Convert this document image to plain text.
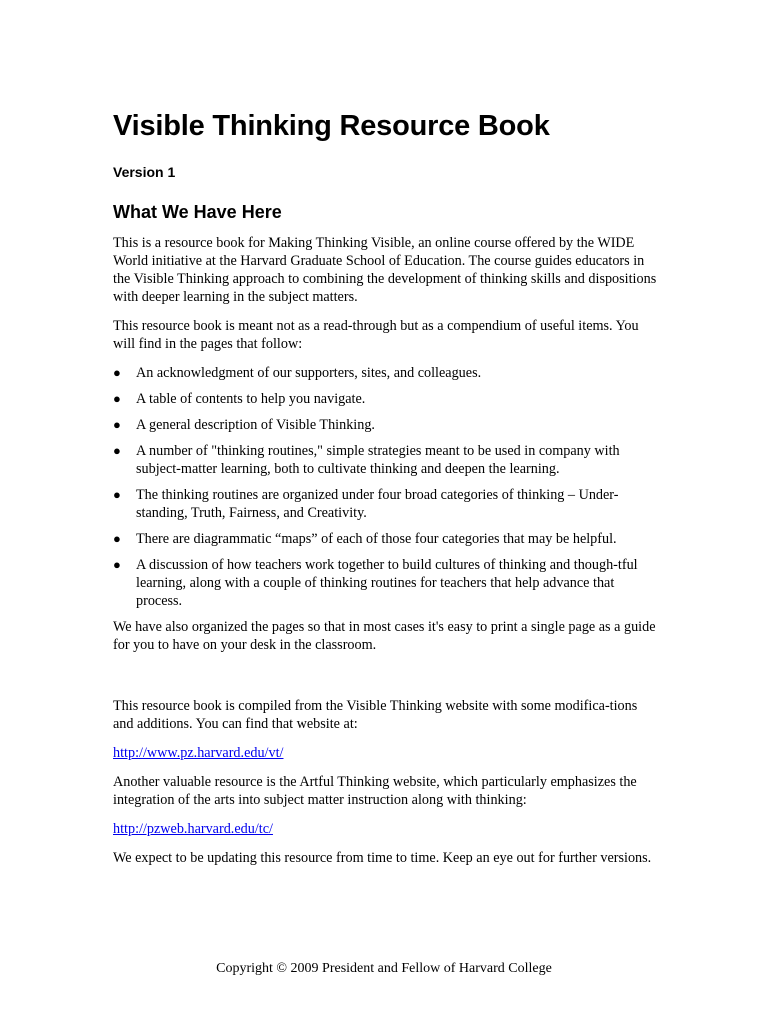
Visible Thinking Resource Book
Version 1
What We Have Here

This is a resource book for Making Thinking Visible, an online course offered by the WIDE World initiative at the Harvard Graduate School of Education. The course guides educators in the Visible Thinking approach to combining the development of thinking skills and dispositions with deeper learning in the subject matters.

This resource book is meant not as a read-through but as a compendium of useful items. You will find in the pages that follow:

● An acknowledgment of our supporters, sites, and colleagues.
● A table of contents to help you navigate.
● A general description of Visible Thinking.
● A number of "thinking routines," simple strategies meant to be used in company with subject-matter learning, both to cultivate thinking and deepen the learning.
● The thinking routines are organized under four broad categories of thinking – Under-standing, Truth, Fairness, and Creativity.
● There are diagrammatic “maps” of each of those four categories that may be helpful.
● A discussion of how teachers work together to build cultures of thinking and though-tful learning, along with a couple of thinking routines for teachers that help advance that process.

We have also organized the pages so that in most cases it's easy to print a single page as a guide for you to have on your desk in the classroom.

This resource book is compiled from the Visible Thinking website with some modifica-tions and additions. You can find that website at:

http://www.pz.harvard.edu/vt/

Another valuable resource is the Artful Thinking website, which particularly emphasizes the integration of the arts into subject matter instruction along with thinking:

http://pzweb.harvard.edu/tc/

We expect to be updating this resource from time to time. Keep an eye out for further versions.

Copyright © 2009 President and Fellow of Harvard College
